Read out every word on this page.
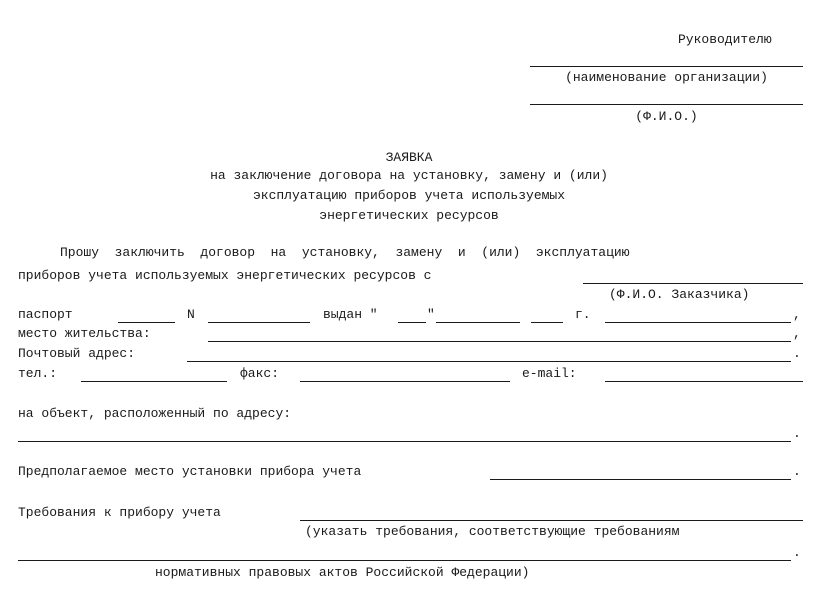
Руководителю
(наименование организации)
(Ф.И.О.)
ЗАЯВКА
на заключение договора на установку, замену и (или)
эксплуатацию приборов учета используемых
энергетических ресурсов
Прошу  заключить  договор  на  установку,  замену  и  (или)  эксплуатацию
приборов учета используемых энергетических ресурсов с
(Ф.И.О. Заказчика)
паспорт	N	выдан "	"	г.	,
место жительства:	,
Почтовый адрес:	.
тел.:	факс:	e-mail:
на объект, расположенный по адресу:
.
Предполагаемое место установки прибора учета	.
Требования к прибору учета
(указать требования, соответствующие требованиям
.
нормативных правовых актов Российской Федерации)
